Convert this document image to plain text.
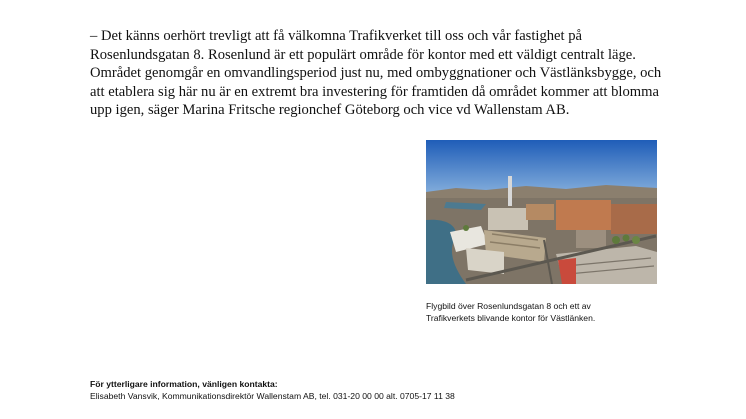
– Det känns oerhört trevligt att få välkomna Trafikverket till oss och vår fastighet på Rosenlundsgatan 8. Rosenlund är ett populärt område för kontor med ett väldigt centralt läge. Området genomgår en omvandlingsperiod just nu, med ombyggnationer och Västlänksbygge, och att etablera sig här nu är en extremt bra investering för framtiden då området kommer att blomma upp igen, säger Marina Fritsche regionchef Göteborg och vice vd Wallenstam AB.

Flygbild över Rosenlundsgatan 8 och ett av
Trafikverkets blivande kontor för Västlänken.
För ytterligare information, vänligen kontakta:
Elisabeth Vansvik, Kommunikationsdirektör Wallenstam AB, tel. 031-20 00 00 alt. 0705-17 11 38
